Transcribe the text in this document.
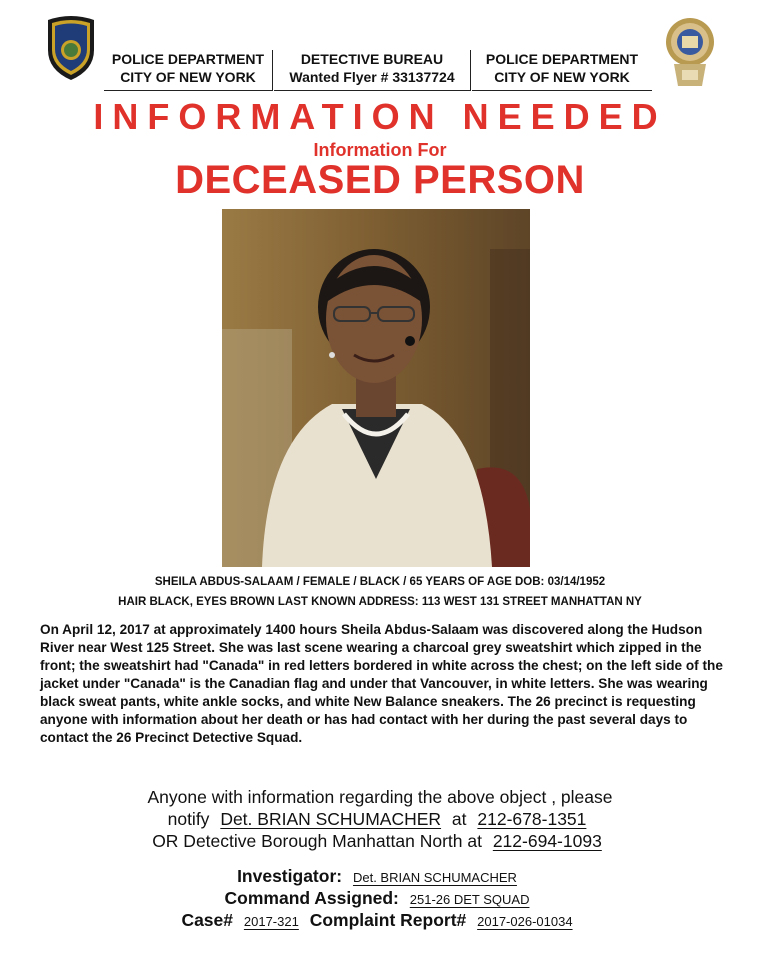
POLICE DEPARTMENT
CITY OF NEW YORK
DETECTIVE BUREAU
Wanted Flyer # 33137724
POLICE DEPARTMENT
CITY OF NEW YORK
INFORMATION NEEDED
Information For
DECEASED PERSON
SHEILA ABDUS-SALAAM / FEMALE / BLACK / 65 YEARS OF AGE DOB: 03/14/1952
HAIR BLACK, EYES BROWN LAST KNOWN ADDRESS: 113 WEST 131 STREET MANHATTAN NY
On April 12, 2017 at approximately 1400 hours Sheila Abdus-Salaam was discovered along the Hudson River near West 125 Street. She was last scene wearing a charcoal grey sweatshirt which zipped in the front; the sweatshirt had "Canada" in red letters bordered in white across the chest; on the left side of the jacket under "Canada" is the Canadian flag and under that Vancouver, in white letters. She was wearing black sweat pants, white ankle socks, and white New Balance sneakers. The 26 precinct is requesting anyone with information about her death or has had contact with her during the past several days to contact the 26 Precinct Detective Squad.
Anyone with information regarding the above object , please
notify Det. BRIAN SCHUMACHER at 212-678-1351
OR Detective Borough Manhattan North at 212-694-1093
Investigator: Det. BRIAN SCHUMACHER
Command Assigned: 251-26 DET SQUAD
Case# 2017-321 Complaint Report# 2017-026-01034
